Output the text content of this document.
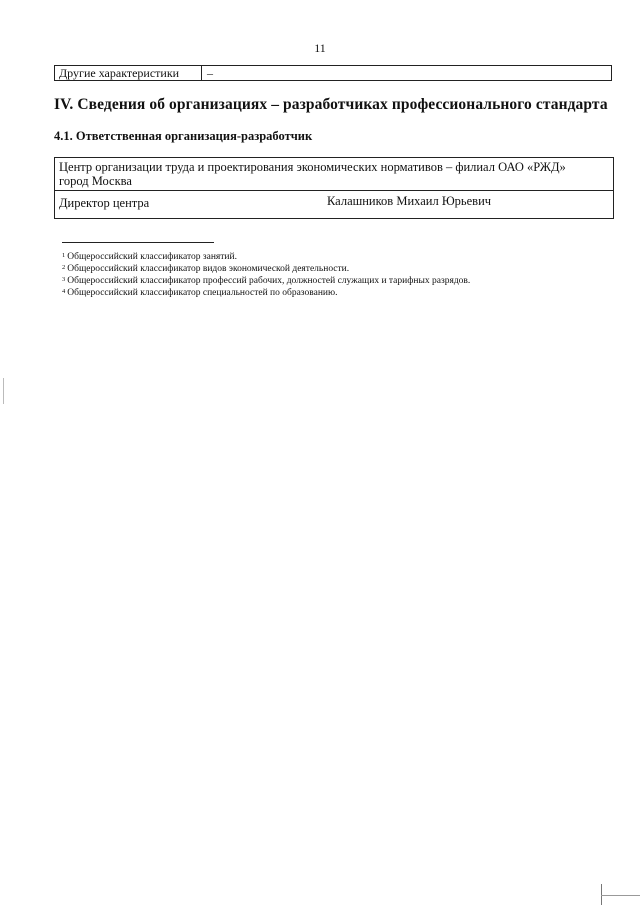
11
Другие характеристики	–
IV. Сведения об организациях – разработчиках профессионального стандарта
4.1. Ответственная организация-разработчик
Центр организации труда и проектирования экономических нормативов – филиал ОАО «РЖД»
город Москва
Директор центра	Калашников Михаил Юрьевич
$^1$ Общероссийский классификатор занятий.
$^2$ Общероссийский классификатор видов экономической деятельности.
$^3$ Общероссийский классификатор профессий рабочих, должностей служащих и тарифных разрядов.
$^4$ Общероссийский классификатор специальностей по образованию.
